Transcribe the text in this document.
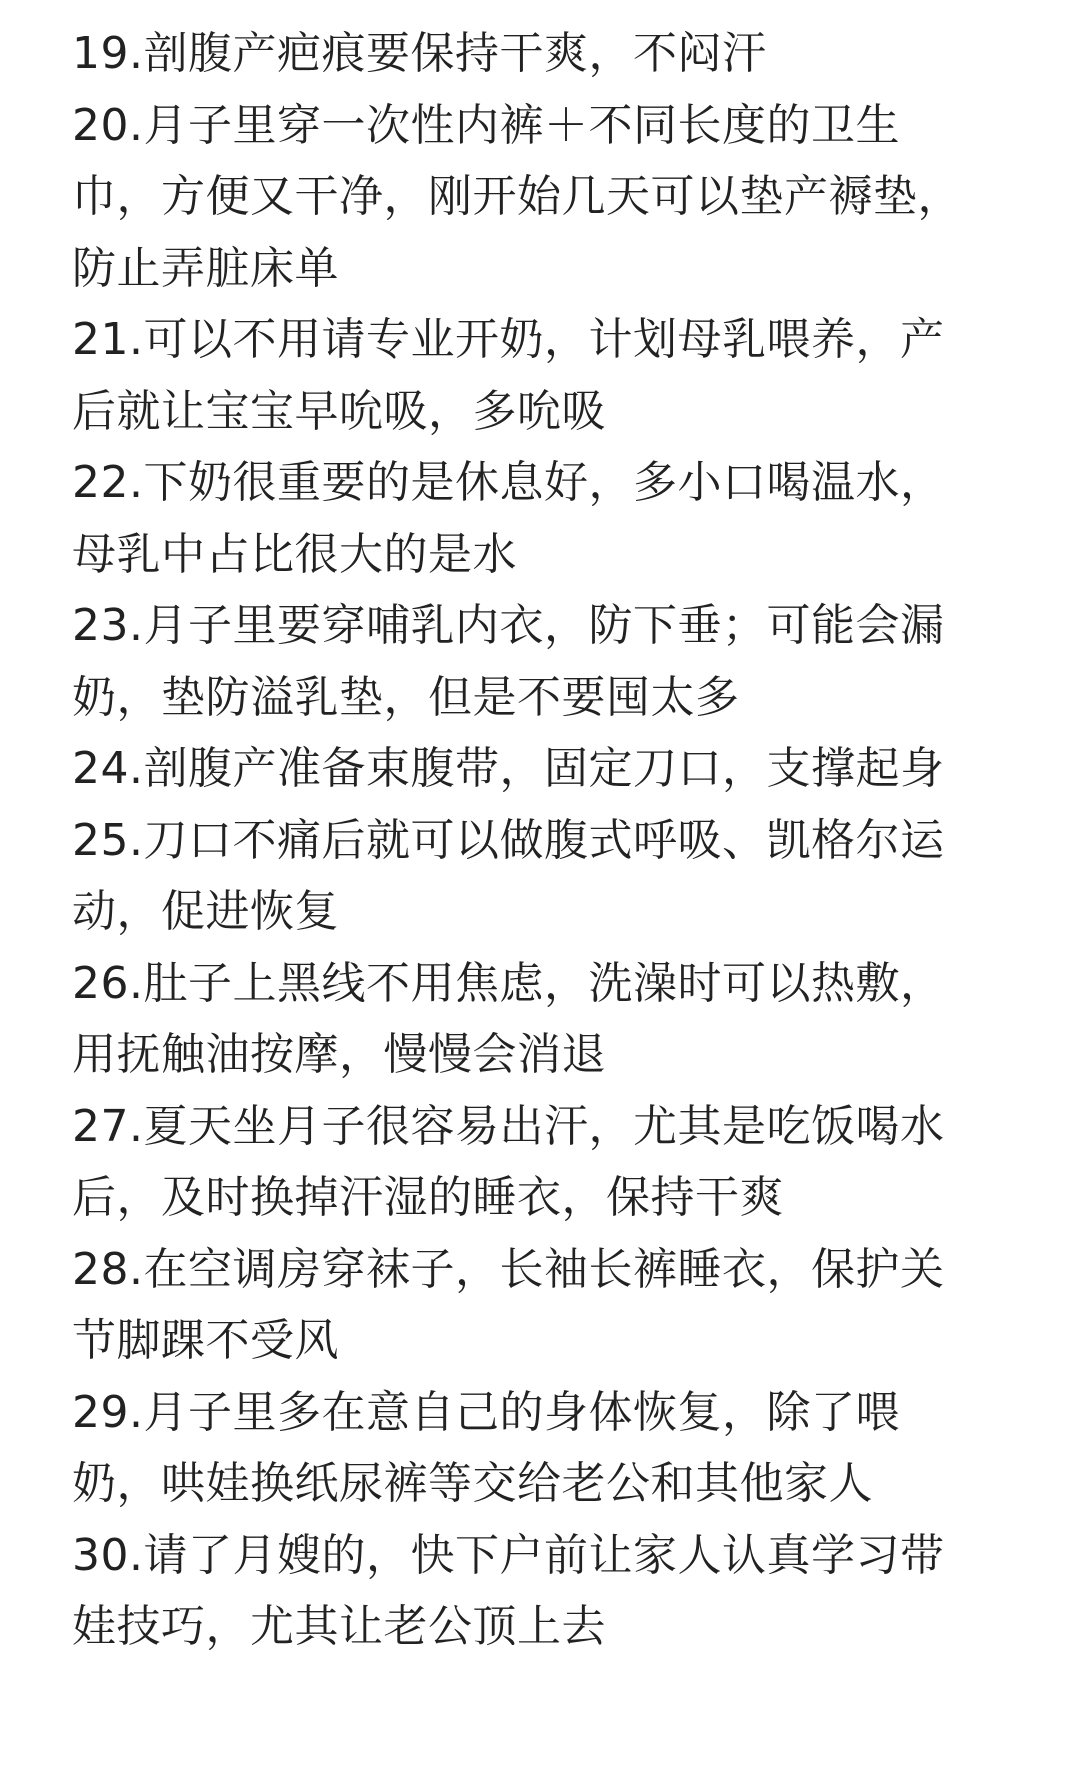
19.剖腹产疤痕要保持干爽，不闷汗
20.月子里穿一次性内裤＋不同长度的卫生
巾，方便又干净，刚开始几天可以垫产褥垫，
防止弄脏床单
21.可以不用请专业开奶，计划母乳喂养，产
后就让宝宝早吮吸，多吮吸
22.下奶很重要的是休息好，多小口喝温水，
母乳中占比很大的是水
23.月子里要穿哺乳内衣，防下垂；可能会漏
奶，垫防溢乳垫，但是不要囤太多
24.剖腹产准备束腹带，固定刀口，支撑起身
25.刀口不痛后就可以做腹式呼吸、凯格尔运
动，促进恢复
26.肚子上黑线不用焦虑，洗澡时可以热敷，
用抚触油按摩，慢慢会消退
27.夏天坐月子很容易出汗，尤其是吃饭喝水
后，及时换掉汗湿的睡衣，保持干爽
28.在空调房穿袜子，长袖长裤睡衣，保护关
节脚踝不受风
29.月子里多在意自己的身体恢复，除了喂
奶，哄娃换纸尿裤等交给老公和其他家人
30.请了月嫂的，快下户前让家人认真学习带
娃技巧，尤其让老公顶上去
